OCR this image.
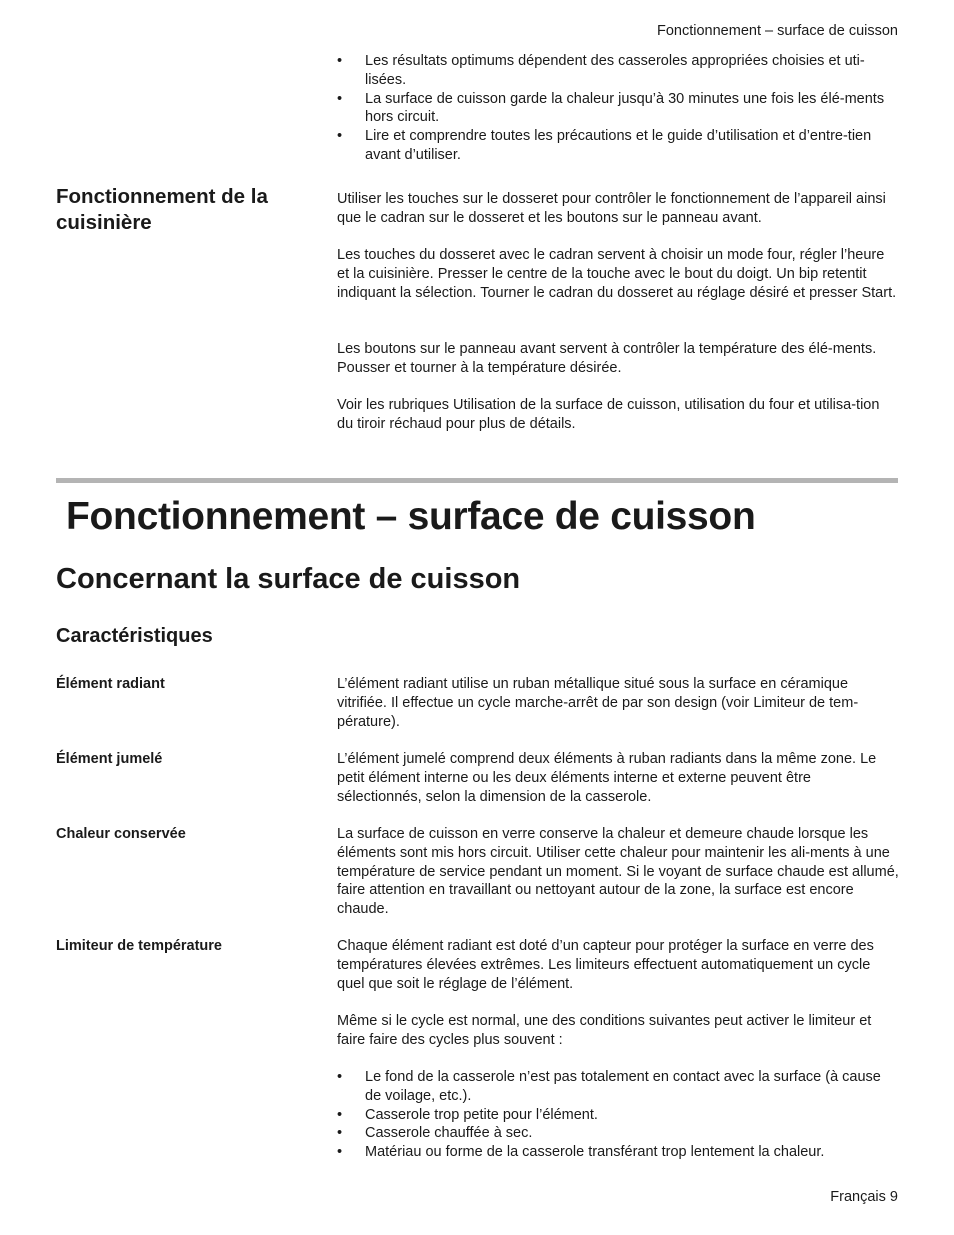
Fonctionnement – surface de cuisson
• Les résultats optimums dépendent des casseroles appropriées choisies et uti-lisées.
• La surface de cuisson garde la chaleur jusqu’à 30 minutes une fois les élé-ments hors circuit.
• Lire et comprendre toutes les précautions et le guide d’utilisation et d’entre-tien avant d’utiliser.
Fonctionnement de la cuisinière

Utiliser les touches sur le dosseret pour contrôler le fonctionnement de l’appareil ainsi que le cadran sur le dosseret et les boutons sur le panneau avant.

Les touches du dosseret avec le cadran servent à choisir un mode four, régler l’heure et la cuisinière. Presser le centre de la touche avec le bout du doigt. Un bip retentit indiquant la sélection. Tourner le cadran du dosseret au réglage désiré et presser Start.

Les boutons sur le panneau avant servent à contrôler la température des élé-ments. Pousser et tourner à la température désirée.

Voir les rubriques Utilisation de la surface de cuisson, utilisation du four et utilisa-tion du tiroir réchaud pour plus de détails.

Fonctionnement – surface de cuisson
Concernant la surface de cuisson
Caractéristiques
Élément radiant	L’élément radiant utilise un ruban métallique situé sous la surface en céramique vitrifiée. Il effectue un cycle marche-arrêt de par son design (voir Limiteur de tem-pérature).

Élément jumelé	L’élément jumelé comprend deux éléments à ruban radiants dans la même zone. Le petit élément interne ou les deux éléments interne et externe peuvent être sélectionnés, selon la dimension de la casserole.

Chaleur conservée	La surface de cuisson en verre conserve la chaleur et demeure chaude lorsque les éléments sont mis hors circuit. Utiliser cette chaleur pour maintenir les ali-ments à une température de service pendant un moment. Si le voyant de surface chaude est allumé, faire attention en travaillant ou nettoyant autour de la zone, la surface est encore chaude.

Limiteur de température	Chaque élément radiant est doté d’un capteur pour protéger la surface en verre des températures élevées extrêmes. Les limiteurs effectuent automatiquement un cycle quel que soit le réglage de l’élément.

Même si le cycle est normal, une des conditions suivantes peut activer le limiteur et faire faire des cycles plus souvent :

• Le fond de la casserole n’est pas totalement en contact avec la surface (à cause de voilage, etc.).
• Casserole trop petite pour l’élément.
• Casserole chauffée à sec.
• Matériau ou forme de la casserole transférant trop lentement la chaleur.
Français 9
